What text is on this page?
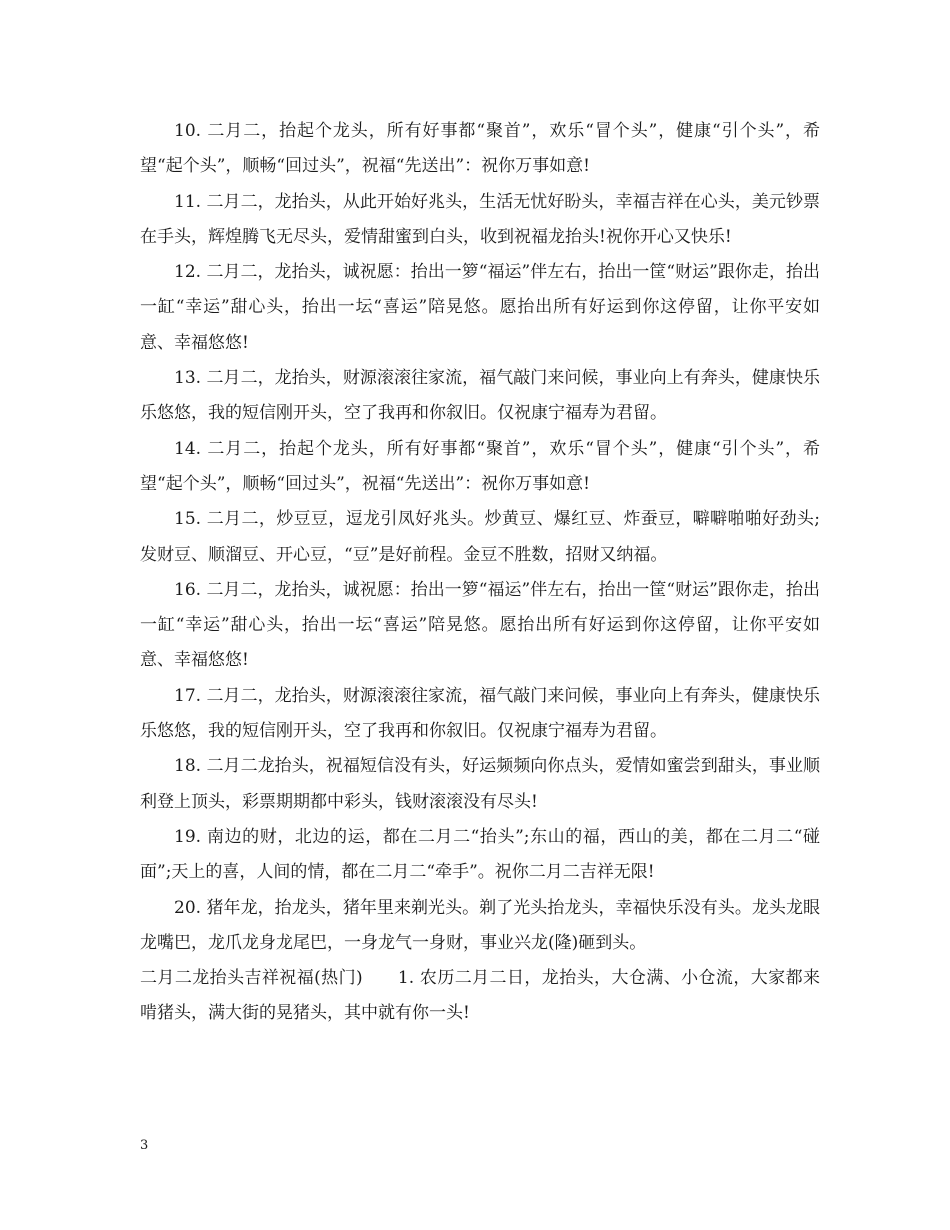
10. 二月二，抬起个龙头，所有好事都“聚首”，欢乐“冒个头”，健康“引个头”，希望“起个头”，顺畅“回过头”，祝福“先送出”：祝你万事如意!

11. 二月二，龙抬头，从此开始好兆头，生活无忧好盼头，幸福吉祥在心头，美元钞票在手头，辉煌腾飞无尽头，爱情甜蜜到白头，收到祝福龙抬头!祝你开心又快乐!

12. 二月二，龙抬头，诚祝愿：抬出一箩“福运”伴左右，抬出一筐“财运”跟你走，抬出一缸“幸运”甜心头，抬出一坛“喜运”陪晃悠。愿抬出所有好运到你这停留，让你平安如意、幸福悠悠!

13. 二月二，龙抬头，财源滚滚往家流，福气敲门来问候，事业向上有奔头，健康快乐乐悠悠，我的短信刚开头，空了我再和你叙旧。仅祝康宁福寿为君留。

14. 二月二，抬起个龙头，所有好事都“聚首”，欢乐“冒个头”，健康“引个头”，希望“起个头”，顺畅“回过头”，祝福“先送出”：祝你万事如意!

15. 二月二，炒豆豆，逗龙引凤好兆头。炒黄豆、爆红豆、炸蚕豆，噼噼啪啪好劲头;发财豆、顺溜豆、开心豆，“豆”是好前程。金豆不胜数，招财又纳福。

16. 二月二，龙抬头，诚祝愿：抬出一箩“福运”伴左右，抬出一筐“财运”跟你走，抬出一缸“幸运”甜心头，抬出一坛“喜运”陪晃悠。愿抬出所有好运到你这停留，让你平安如意、幸福悠悠!

17. 二月二，龙抬头，财源滚滚往家流，福气敲门来问候，事业向上有奔头，健康快乐乐悠悠，我的短信刚开头，空了我再和你叙旧。仅祝康宁福寿为君留。

18. 二月二龙抬头，祝福短信没有头，好运频频向你点头，爱情如蜜尝到甜头，事业顺利登上顶头，彩票期期都中彩头，钱财滚滚没有尽头!

19. 南边的财，北边的运，都在二月二“抬头”;东山的福，西山的美，都在二月二“碰面”;天上的喜，人间的情，都在二月二“牵手”。祝你二月二吉祥无限!

20. 猪年龙，抬龙头，猪年里来剃光头。剃了光头抬龙头，幸福快乐没有头。龙头龙眼龙嘴巴，龙爪龙身龙尾巴，一身龙气一身财，事业兴龙(隆)砸到头。

二月二龙抬头吉祥祝福(热门)　　1. 农历二月二日，龙抬头，大仓满、小仓流，大家都来啃猪头，满大街的晃猪头，其中就有你一头!

3
